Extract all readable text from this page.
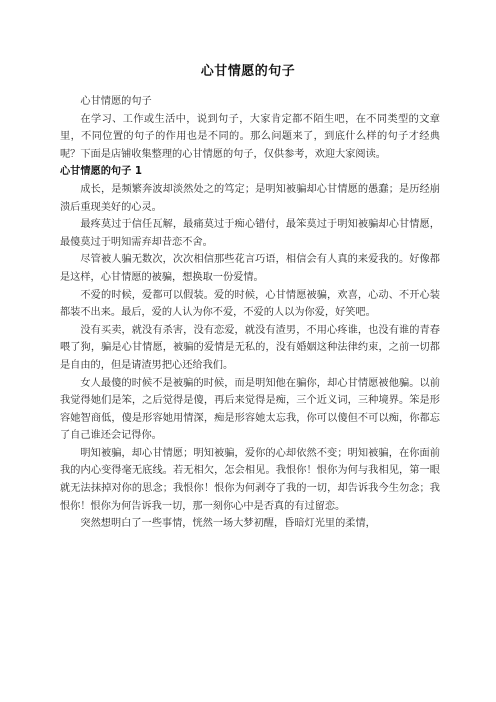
心甘情愿的句子

心甘情愿的句子

在学习、工作或生活中，说到句子，大家肯定都不陌生吧，在不同类型的文章里，不同位置的句子的作用也是不同的。那么问题来了，到底什么样的句子才经典呢？下面是店铺收集整理的心甘情愿的句子，仅供参考，欢迎大家阅读。

心甘情愿的句子 1

成长，是频繁奔波却淡然处之的笃定；是明知被骗却心甘情愿的愚蠢；是历经崩溃后重现美好的心灵。

最疼莫过于信任瓦解，最痛莫过于痴心错付，最笨莫过于明知被骗却心甘情愿，最傻莫过于明知需弃却昔恋不舍。

尽管被人骗无数次，次次相信那些花言巧语，相信会有人真的来爱我的。好像都是这样，心甘情愿的被骗，想换取一份爱情。

不爱的时候，爱都可以假装。爱的时候，心甘情愿被骗，欢喜，心动、不开心装都装不出来。最后，爱的人认为你不爱，不爱的人以为你爱，好笑吧。

没有买卖，就没有杀害，没有恋爱，就没有渣男，不用心疼谁，也没有谁的青春喂了狗，骗是心甘情愿，被骗的爱情是无私的，没有婚姻这种法律约束，之前一切都是自由的，但是请渣男把心还给我们。

女人最傻的时候不是被骗的时候，而是明知他在骗你，却心甘情愿被他骗。以前我觉得她们是笨，之后觉得是傻，再后来觉得是痴，三个近义词，三种境界。笨是形容她智商低，傻是形容她用情深，痴是形容她太忘我，你可以傻但不可以痴，你都忘了自己谁还会记得你。

明知被骗，却心甘情愿；明知被骗，爱你的心却依然不变；明知被骗，在你面前我的内心变得毫无底线。若无相欠，怎会相见。我恨你！恨你为何与我相见，第一眼就无法抹掉对你的思念；我恨你！恨你为何剥夺了我的一切，却告诉我今生勿念；我恨你！恨你为何告诉我一切，那一刻你心中是否真的有过留恋。

突然想明白了一些事情，恍然一场大梦初醒，昏暗灯光里的柔情，
